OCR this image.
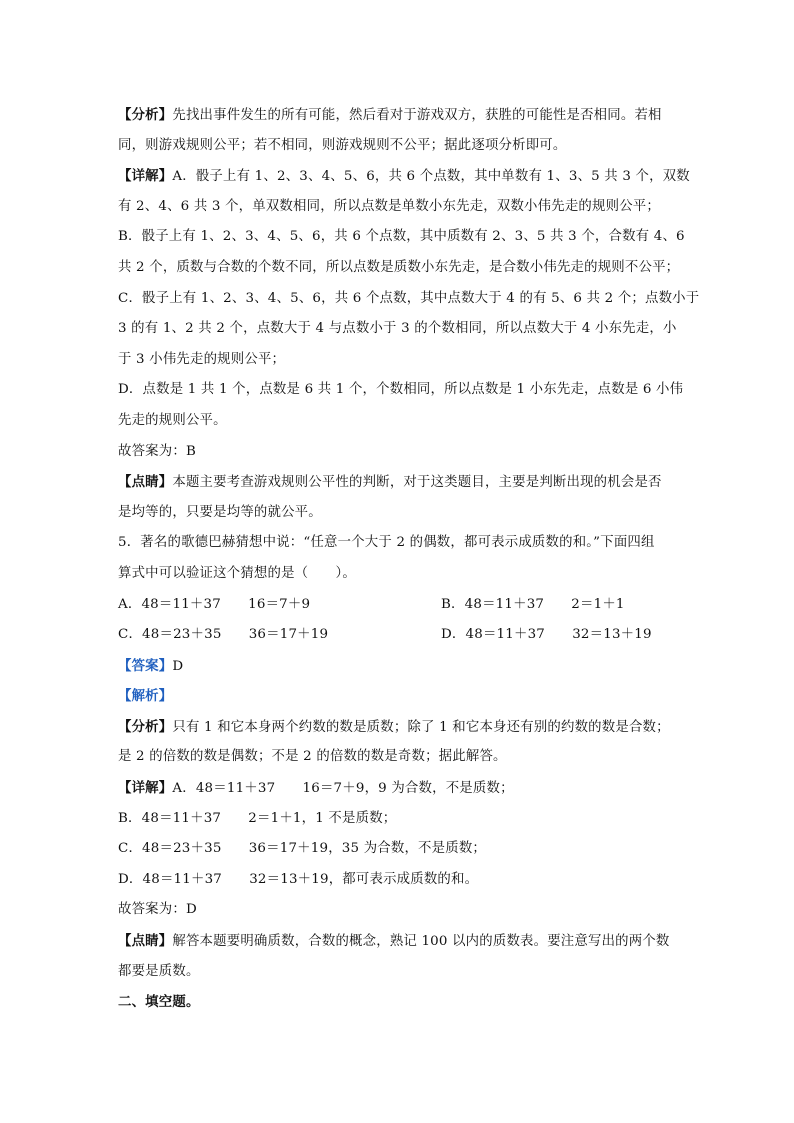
【分析】先找出事件发生的所有可能，然后看对于游戏双方，获胜的可能性是否相同。若相
同，则游戏规则公平；若不相同，则游戏规则不公平；据此逐项分析即可。
【详解】A．骰子上有 1、2、3、4、5、6，共 6 个点数，其中单数有 1、3、5 共 3 个，双数
有 2、4、6 共 3 个，单双数相同，所以点数是单数小东先走，双数小伟先走的规则公平；
B．骰子上有 1、2、3、4、5、6，共 6 个点数，其中质数有 2、3、5 共 3 个，合数有 4、6
共 2 个，质数与合数的个数不同，所以点数是质数小东先走，是合数小伟先走的规则不公平；
C．骰子上有 1、2、3、4、5、6，共 6 个点数，其中点数大于 4 的有 5、6 共 2 个；点数小于
3 的有 1、2 共 2 个，点数大于 4 与点数小于 3 的个数相同，所以点数大于 4 小东先走，小
于 3 小伟先走的规则公平；
D．点数是 1 共 1 个，点数是 6 共 1 个，个数相同，所以点数是 1 小东先走，点数是 6 小伟
先走的规则公平。
故答案为：B
【点睛】本题主要考查游戏规则公平性的判断，对于这类题目，主要是判断出现的机会是否
是均等的，只要是均等的就公平。
5．著名的歌德巴赫猜想中说：“任意一个大于 2 的偶数，都可表示成质数的和。”下面四组
算式中可以验证这个猜想的是（　　）。
A．48＝11＋37　　16＝7＋9	B．48＝11＋37　　2＝1＋1
C．48＝23＋35　　36＝17＋19	D．48＝11＋37　　32＝13＋19
【答案】D
【解析】
【分析】只有 1 和它本身两个约数的数是质数；除了 1 和它本身还有别的约数的数是合数；
是 2 的倍数的数是偶数；不是 2 的倍数的数是奇数；据此解答。
【详解】A．48＝11＋37　　16＝7＋9，9 为合数，不是质数；
B．48＝11＋37　　2＝1＋1，1 不是质数；
C．48＝23＋35　　36＝17＋19，35 为合数，不是质数；
D．48＝11＋37　　32＝13＋19，都可表示成质数的和。
故答案为：D
【点睛】解答本题要明确质数，合数的概念，熟记 100 以内的质数表。要注意写出的两个数
都要是质数。
二、填空题。
